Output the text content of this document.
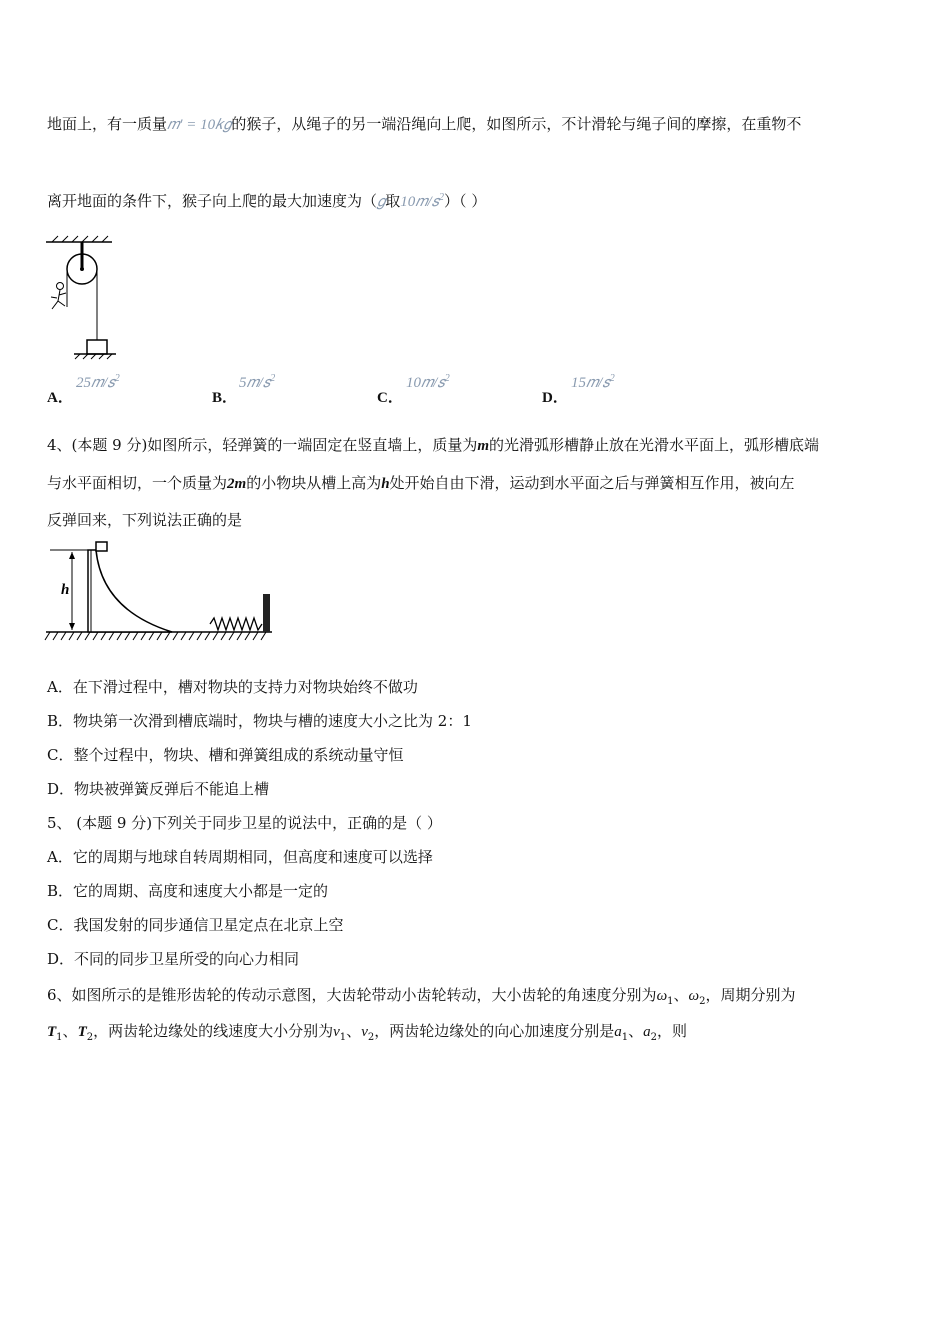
地面上，有一质量𝑚′ = 10𝑘𝑔的猴子，从绳子的另一端沿绳向上爬，如图所示，不计滑轮与绳子间的摩擦，在重物不
离开地面的条件下，猴子向上爬的最大加速度为（𝑔取10𝑚/𝑠$^2$）（ ）
A．
25𝑚/𝑠$^2$
B．
5𝑚/𝑠$^2$
C．
10𝑚/𝑠$^2$
D．
15𝑚/𝑠$^2$
4、(本题 9 分)如图所示，轻弹簧的一端固定在竖直墙上，质量为m的光滑弧形槽静止放在光滑水平面上，弧形槽底端
与水平面相切，一个质量为2m的小物块从槽上高为h处开始自由下滑，运动到水平面之后与弹簧相互作用，被向左
反弹回来，下列说法正确的是
h
A．在下滑过程中，槽对物块的支持力对物块始终不做功
B．物块第一次滑到槽底端时，物块与槽的速度大小之比为 2：1
C．整个过程中，物块、槽和弹簧组成的系统动量守恒
D．物块被弹簧反弹后不能追上槽
5、 (本题 9 分)下列关于同步卫星的说法中，正确的是（ ）
A．它的周期与地球自转周期相同，但高度和速度可以选择
B．它的周期、高度和速度大小都是一定的
C．我国发射的同步通信卫星定点在北京上空
D．不同的同步卫星所受的向心力相同
6、如图所示的是锥形齿轮的传动示意图，大齿轮带动小齿轮转动，大小齿轮的角速度分别为$\omega_1$、$\omega_2$，周期分别为
$T_1$、$T_2$，两齿轮边缘处的线速度大小分别为$v_1$、$v_2$，两齿轮边缘处的向心加速度分别是$a_1$、$a_2$，则
